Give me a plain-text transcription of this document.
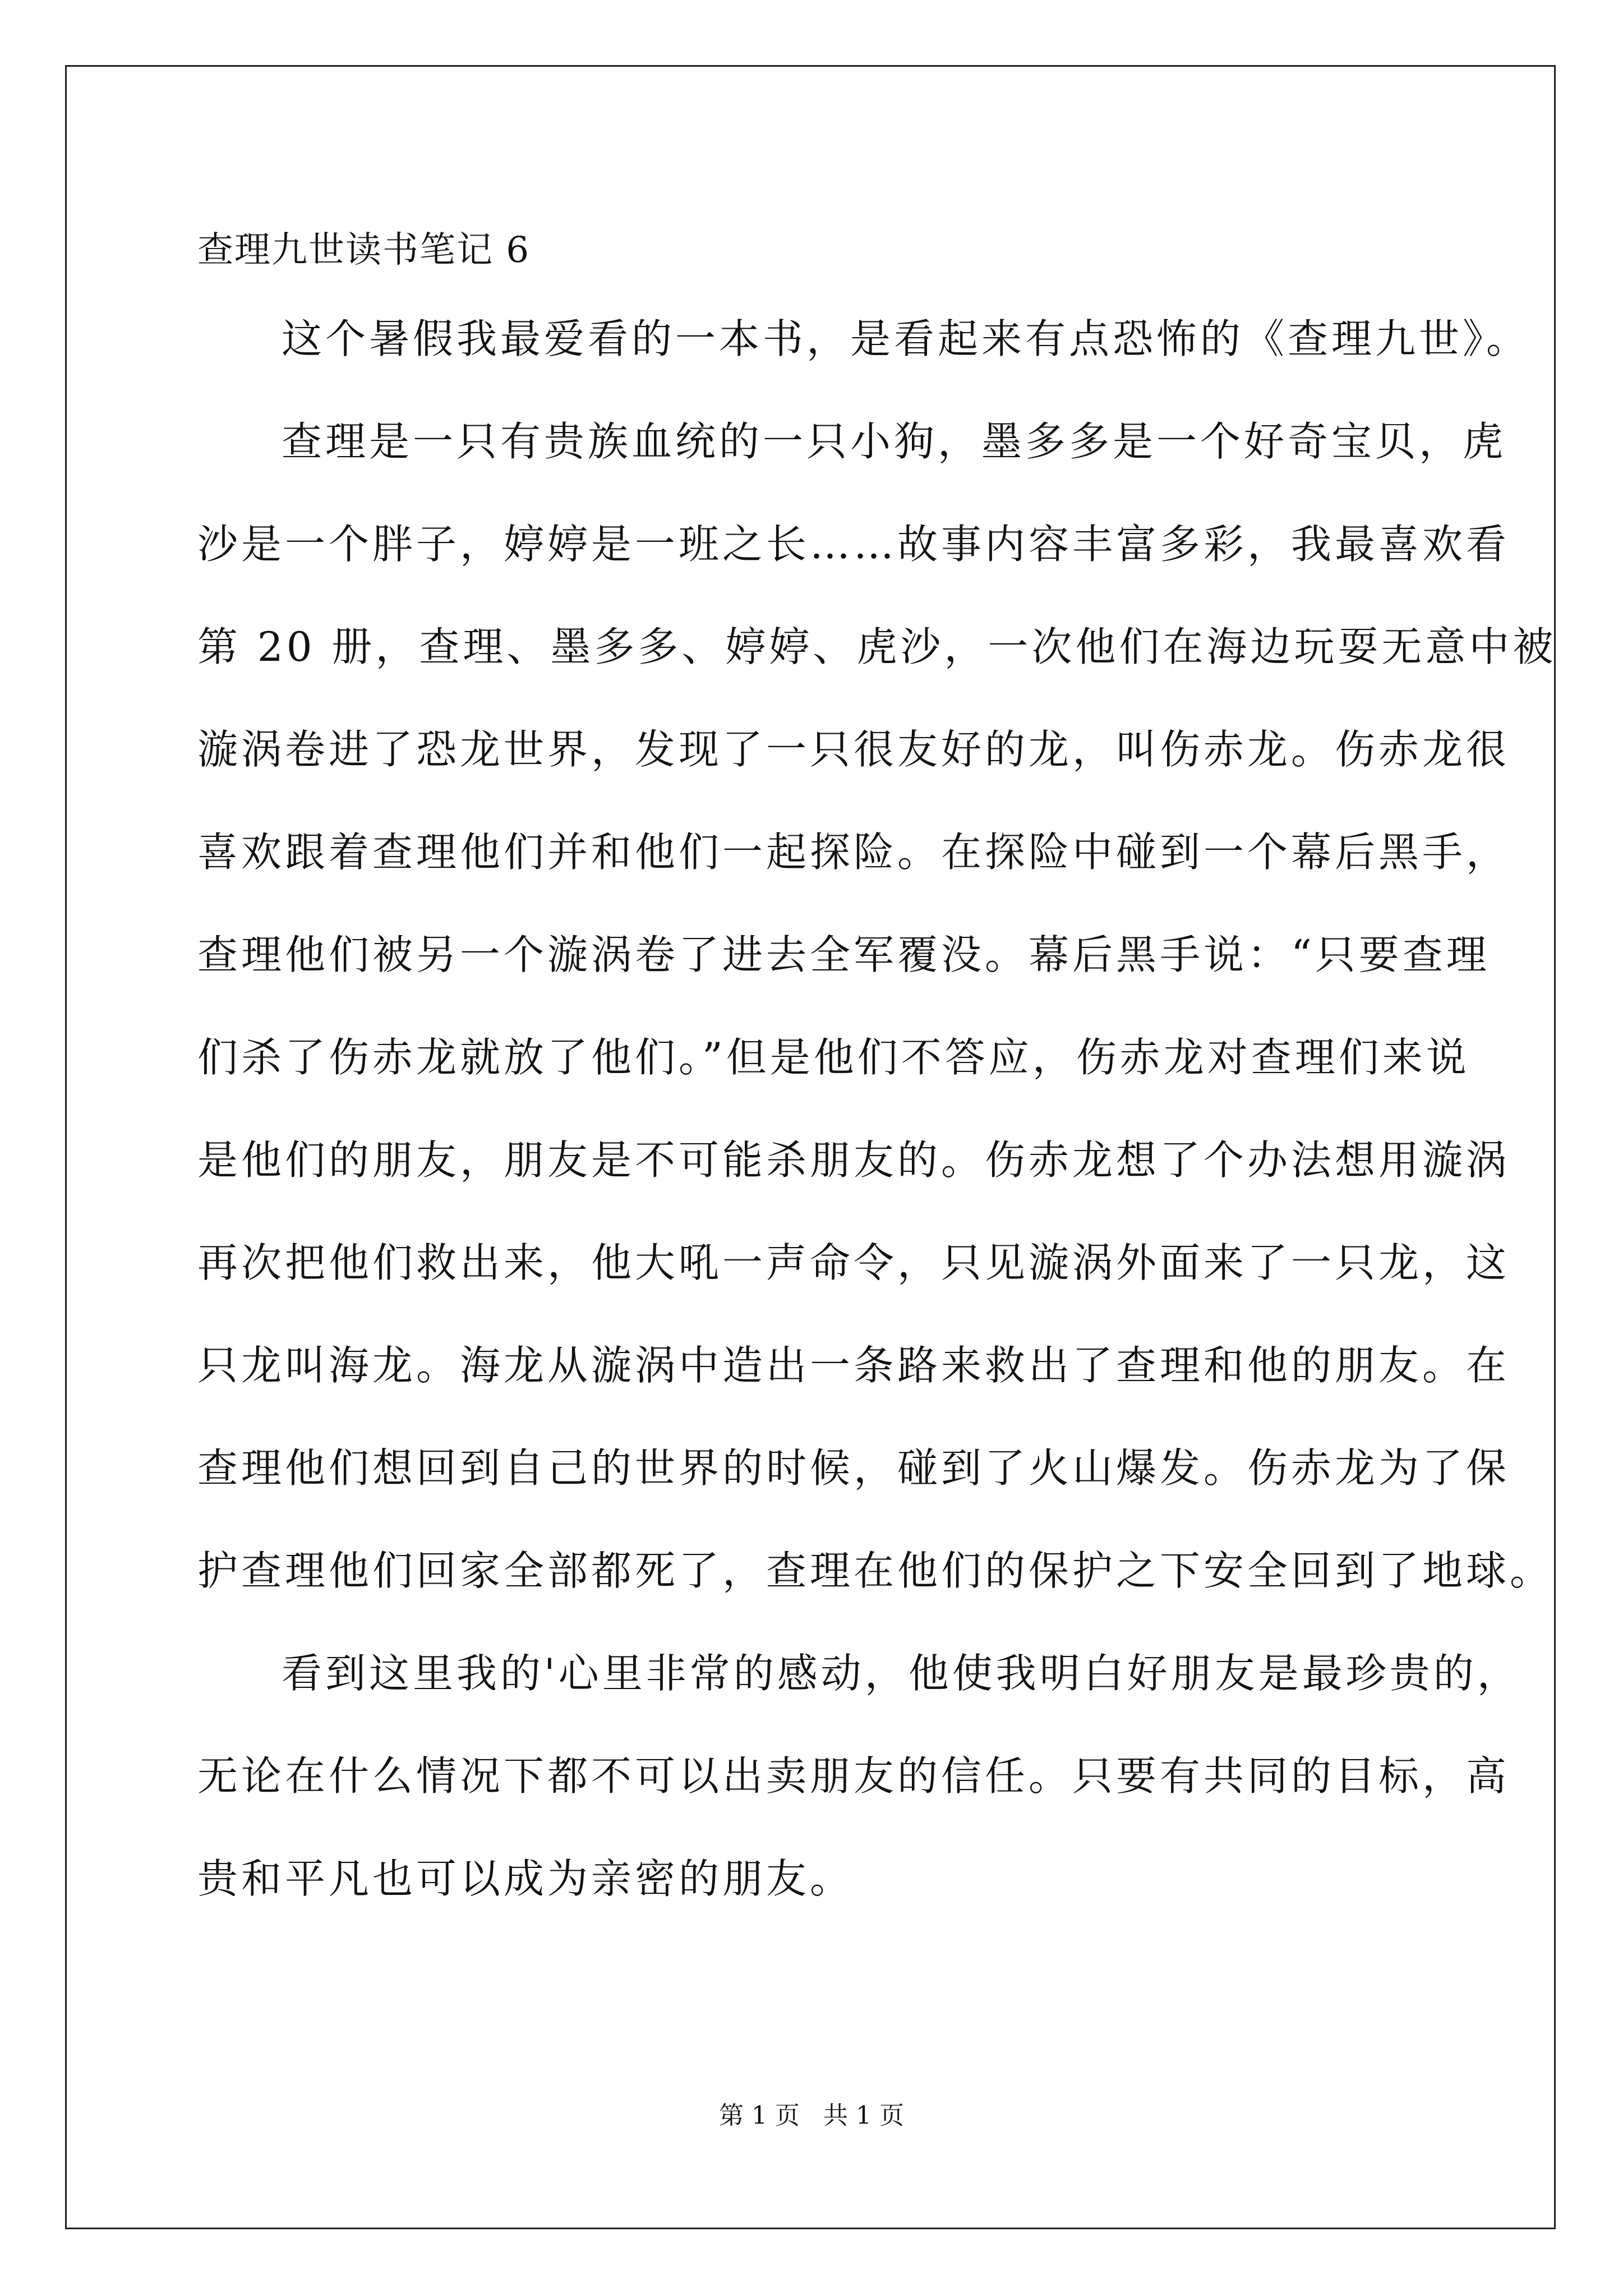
查理九世读书笔记 6
这个暑假我最爱看的一本书，是看起来有点恐怖的《查理九世》。
查理是一只有贵族血统的一只小狗，墨多多是一个好奇宝贝，虎
沙是一个胖子，婷婷是一班之长……故事内容丰富多彩，我最喜欢看
第 20 册，查理、墨多多、婷婷、虎沙，一次他们在海边玩耍无意中被
漩涡卷进了恐龙世界，发现了一只很友好的龙，叫伤赤龙。伤赤龙很
喜欢跟着查理他们并和他们一起探险。在探险中碰到一个幕后黑手，
查理他们被另一个漩涡卷了进去全军覆没。幕后黑手说：“只要查理
们杀了伤赤龙就放了他们。”但是他们不答应，伤赤龙对查理们来说
是他们的朋友，朋友是不可能杀朋友的。伤赤龙想了个办法想用漩涡
再次把他们救出来，他大吼一声命令，只见漩涡外面来了一只龙，这
只龙叫海龙。海龙从漩涡中造出一条路来救出了查理和他的朋友。在
查理他们想回到自己的世界的时候，碰到了火山爆发。伤赤龙为了保
护查理他们回家全部都死了，查理在他们的保护之下安全回到了地球。
看到这里我的'心里非常的感动，他使我明白好朋友是最珍贵的，
无论在什么情况下都不可以出卖朋友的信任。只要有共同的目标，高
贵和平凡也可以成为亲密的朋友。
第 1 页   共 1 页
